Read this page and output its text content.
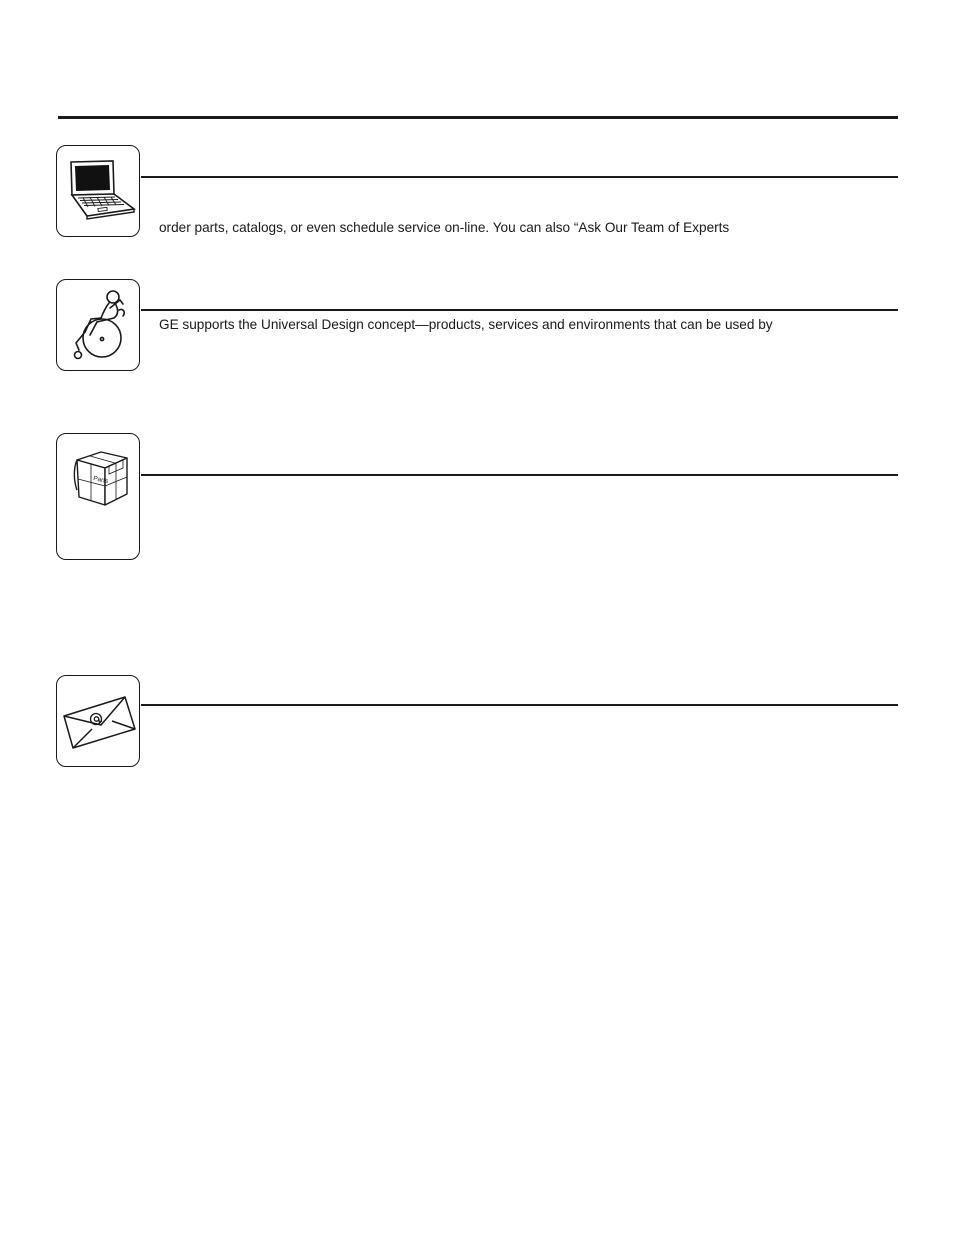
order parts, catalogs, or even schedule service on-line. You can also “Ask Our Team of Experts
GE supports the Universal Design concept—products, services and environments that can be used by
Parts
